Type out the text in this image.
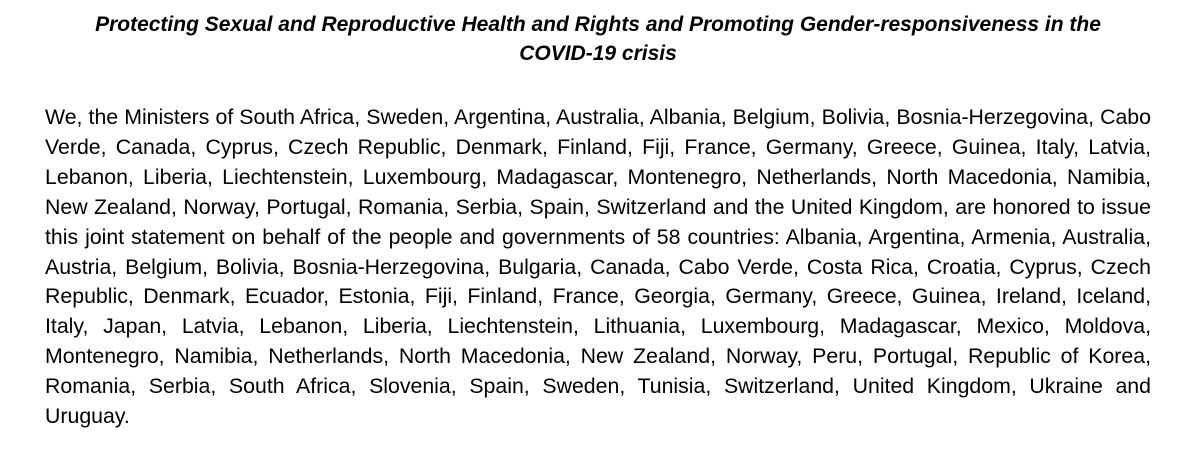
Protecting Sexual and Reproductive Health and Rights and Promoting Gender-responsiveness in the COVID-19 crisis

We, the Ministers of South Africa, Sweden, Argentina, Australia, Albania, Belgium, Bolivia, Bosnia-Herzegovina, Cabo Verde, Canada, Cyprus, Czech Republic, Denmark, Finland, Fiji, France, Germany, Greece, Guinea, Italy, Latvia, Lebanon, Liberia, Liechtenstein, Luxembourg, Madagascar, Montenegro, Netherlands, North Macedonia, Namibia, New Zealand, Norway, Portugal, Romania, Serbia, Spain, Switzerland and the United Kingdom, are honored to issue this joint statement on behalf of the people and governments of 58 countries: Albania, Argentina, Armenia, Australia, Austria, Belgium, Bolivia, Bosnia-Herzegovina, Bulgaria, Canada, Cabo Verde, Costa Rica, Croatia, Cyprus, Czech Republic, Denmark, Ecuador, Estonia, Fiji, Finland, France, Georgia, Germany, Greece, Guinea, Ireland, Iceland, Italy, Japan, Latvia, Lebanon, Liberia, Liechtenstein, Lithuania, Luxembourg, Madagascar, Mexico, Moldova, Montenegro, Namibia, Netherlands, North Macedonia, New Zealand, Norway, Peru, Portugal, Republic of Korea, Romania, Serbia, South Africa, Slovenia, Spain, Sweden, Tunisia, Switzerland, United Kingdom, Ukraine and Uruguay.
